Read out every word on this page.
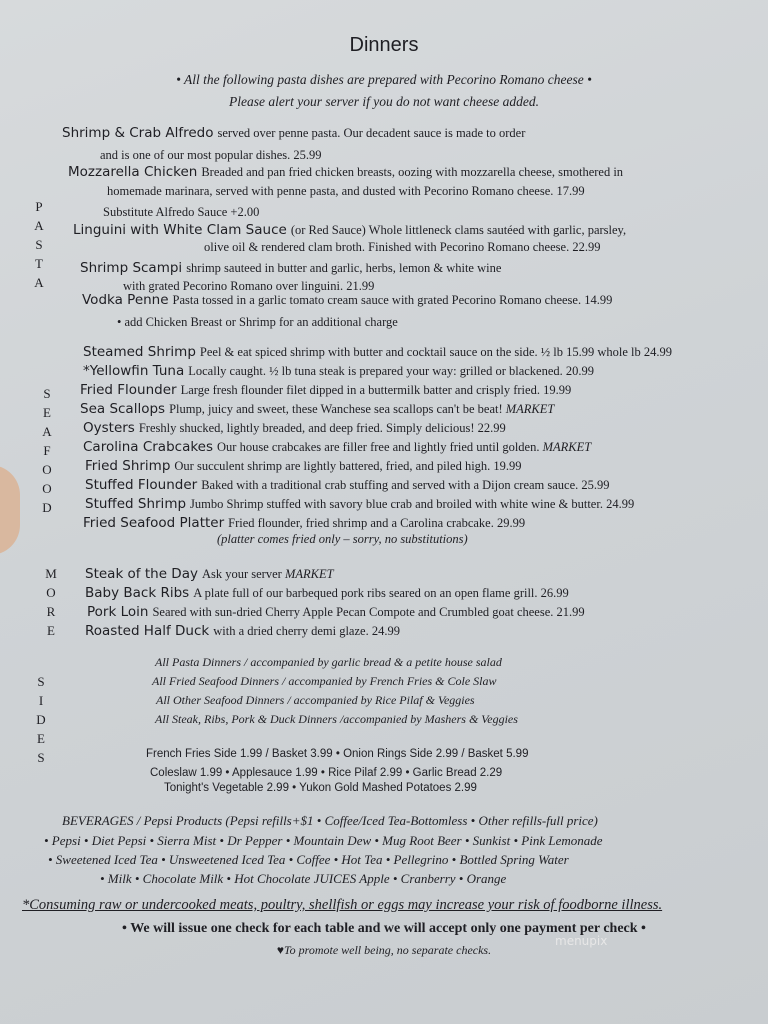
Dinners
• All the following pasta dishes are prepared with Pecorino Romano cheese •
Please alert your server if you do not want cheese added.
P
A
S
T
A
S
E
A
F
O
O
D
M
O
R
E
S
I
D
E
S
Shrimp & Crab Alfredo served over penne pasta. Our decadent sauce is made to order
and is one of our most popular dishes. 25.99
Mozzarella Chicken Breaded and pan fried chicken breasts, oozing with mozzarella cheese, smothered in
homemade marinara, served with penne pasta, and dusted with Pecorino Romano cheese. 17.99
Substitute Alfredo Sauce +2.00
Linguini with White Clam Sauce (or Red Sauce) Whole littleneck clams sautéed with garlic, parsley,
olive oil & rendered clam broth. Finished with Pecorino Romano cheese. 22.99
Shrimp Scampi shrimp sauteed in butter and garlic, herbs, lemon & white wine
with grated Pecorino Romano over linguini. 21.99
Vodka Penne Pasta tossed in a garlic tomato cream sauce with grated Pecorino Romano cheese. 14.99
• add Chicken Breast or Shrimp for an additional charge
Steamed Shrimp Peel & eat spiced shrimp with butter and cocktail sauce on the side. ½ lb 15.99 whole lb 24.99
*Yellowfin Tuna Locally caught. ½ lb tuna steak is prepared your way: grilled or blackened. 20.99
Fried Flounder Large fresh flounder filet dipped in a buttermilk batter and crisply fried. 19.99
Sea Scallops Plump, juicy and sweet, these Wanchese sea scallops can't be beat! MARKET
Oysters Freshly shucked, lightly breaded, and deep fried. Simply delicious! 22.99
Carolina Crabcakes Our house crabcakes are filler free and lightly fried until golden. MARKET
Fried Shrimp Our succulent shrimp are lightly battered, fried, and piled high. 19.99
Stuffed Flounder Baked with a traditional crab stuffing and served with a Dijon cream sauce. 25.99
Stuffed Shrimp Jumbo Shrimp stuffed with savory blue crab and broiled with white wine & butter. 24.99
Fried Seafood Platter Fried flounder, fried shrimp and a Carolina crabcake. 29.99
(platter comes fried only – sorry, no substitutions)
Steak of the Day Ask your server MARKET
Baby Back Ribs A plate full of our barbequed pork ribs seared on an open flame grill. 26.99
Pork Loin Seared with sun-dried Cherry Apple Pecan Compote and Crumbled goat cheese. 21.99
Roasted Half Duck with a dried cherry demi glaze. 24.99
All Pasta Dinners / accompanied by garlic bread & a petite house salad
All Fried Seafood Dinners / accompanied by French Fries & Cole Slaw
All Other Seafood Dinners / accompanied by Rice Pilaf & Veggies
All Steak, Ribs, Pork & Duck Dinners /accompanied by Mashers & Veggies
French Fries Side 1.99 / Basket 3.99 • Onion Rings Side 2.99 / Basket 5.99
Coleslaw 1.99 • Applesauce 1.99 • Rice Pilaf 2.99 • Garlic Bread 2.29
Tonight's Vegetable 2.99 • Yukon Gold Mashed Potatoes 2.99
BEVERAGES / Pepsi Products (Pepsi refills+$1 • Coffee/Iced Tea-Bottomless • Other refills-full price)
• Pepsi • Diet Pepsi • Sierra Mist • Dr Pepper • Mountain Dew • Mug Root Beer • Sunkist • Pink Lemonade
• Sweetened Iced Tea • Unsweetened Iced Tea • Coffee • Hot Tea • Pellegrino • Bottled Spring Water
• Milk • Chocolate Milk • Hot Chocolate JUICES Apple • Cranberry • Orange
*Consuming raw or undercooked meats, poultry, shellfish or eggs may increase your risk of foodborne illness.
• We will issue one check for each table and we will accept only one payment per check •
♥To promote well being, no separate checks.
menupix
